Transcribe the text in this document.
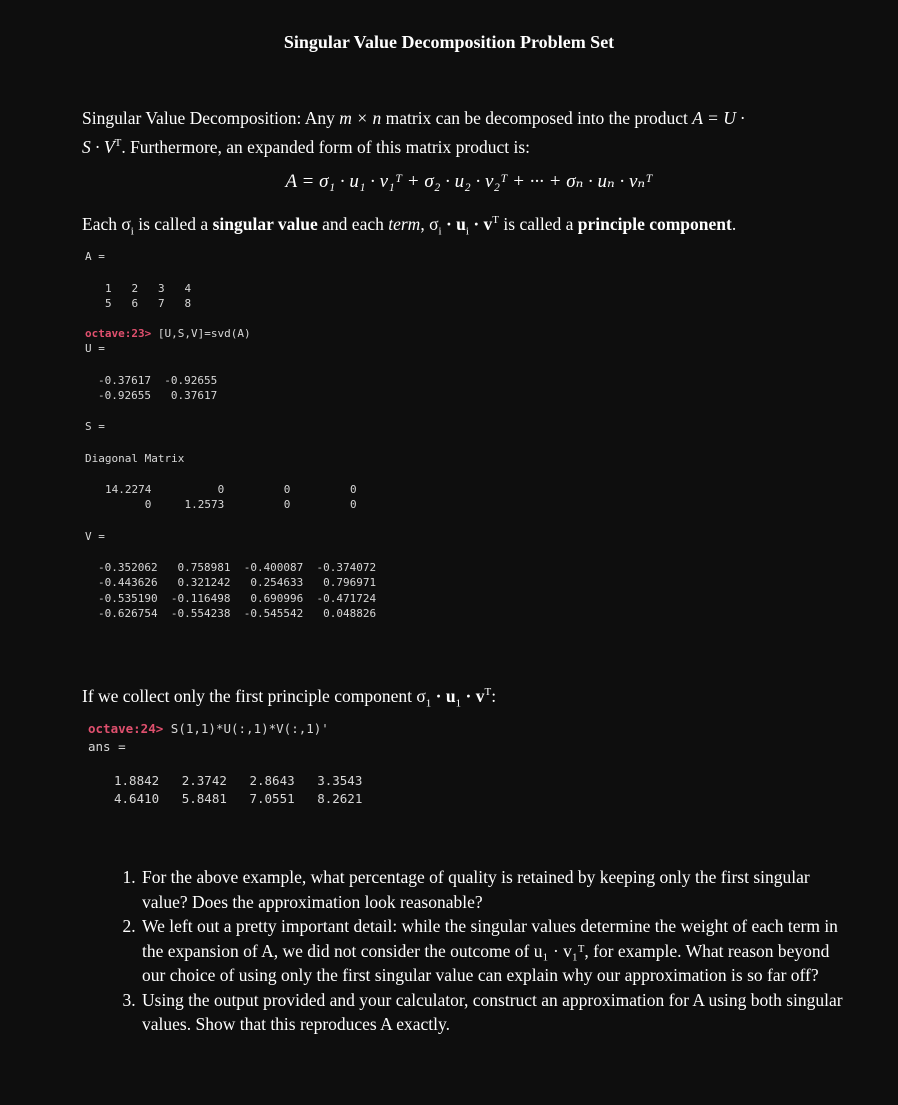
Singular Value Decomposition Problem Set
Singular Value Decomposition: Any m × n matrix can be decomposed into the product A = U ·
$S \cdot V^T$. Furthermore, an expanded form of this matrix product is:
A = σ₁ · u₁ · v₁ᵀ + σ₂ · u₂ · v₂ᵀ + ··· + σₙ · uₙ · vₙᵀ
Each $\sigma_i$ is called a singular value and each term, $\sigma_i \cdot u_i \cdot v^T$ is called a principle component.
A =
1   2   3   4
5   6   7   8
octave:23> [U,S,V]=svd(A)
U =
-0.37617  -0.92655
-0.92655   0.37617
S =
Diagonal Matrix
14.2274          0         0         0
0     1.2573         0         0
V =
-0.352062   0.758981  -0.400087  -0.374072
-0.443626   0.321242   0.254633   0.796971
-0.535190  -0.116498   0.690996  -0.471724
-0.626754  -0.554238  -0.545542   0.048826
If we collect only the first principle component $\sigma_1 \cdot u_1 \cdot v^T$:
octave:24> S(1,1)*U(:,1)*V(:,1)'
ans =
1.8842   2.3742   2.8643   3.3543
4.6410   5.8481   7.0551   8.2621
1. For the above example, what percentage of quality is retained by keeping only the first singular value? Does the approximation look reasonable?
2. We left out a pretty important detail: while the singular values determine the weight of each term in the expansion of A, we did not consider the outcome of u₁ · v₁ᵀ, for example. What reason beyond our choice of using only the first singular value can explain why our approximation is so far off?
3. Using the output provided and your calculator, construct an approximation for A using both singular values. Show that this reproduces A exactly.
